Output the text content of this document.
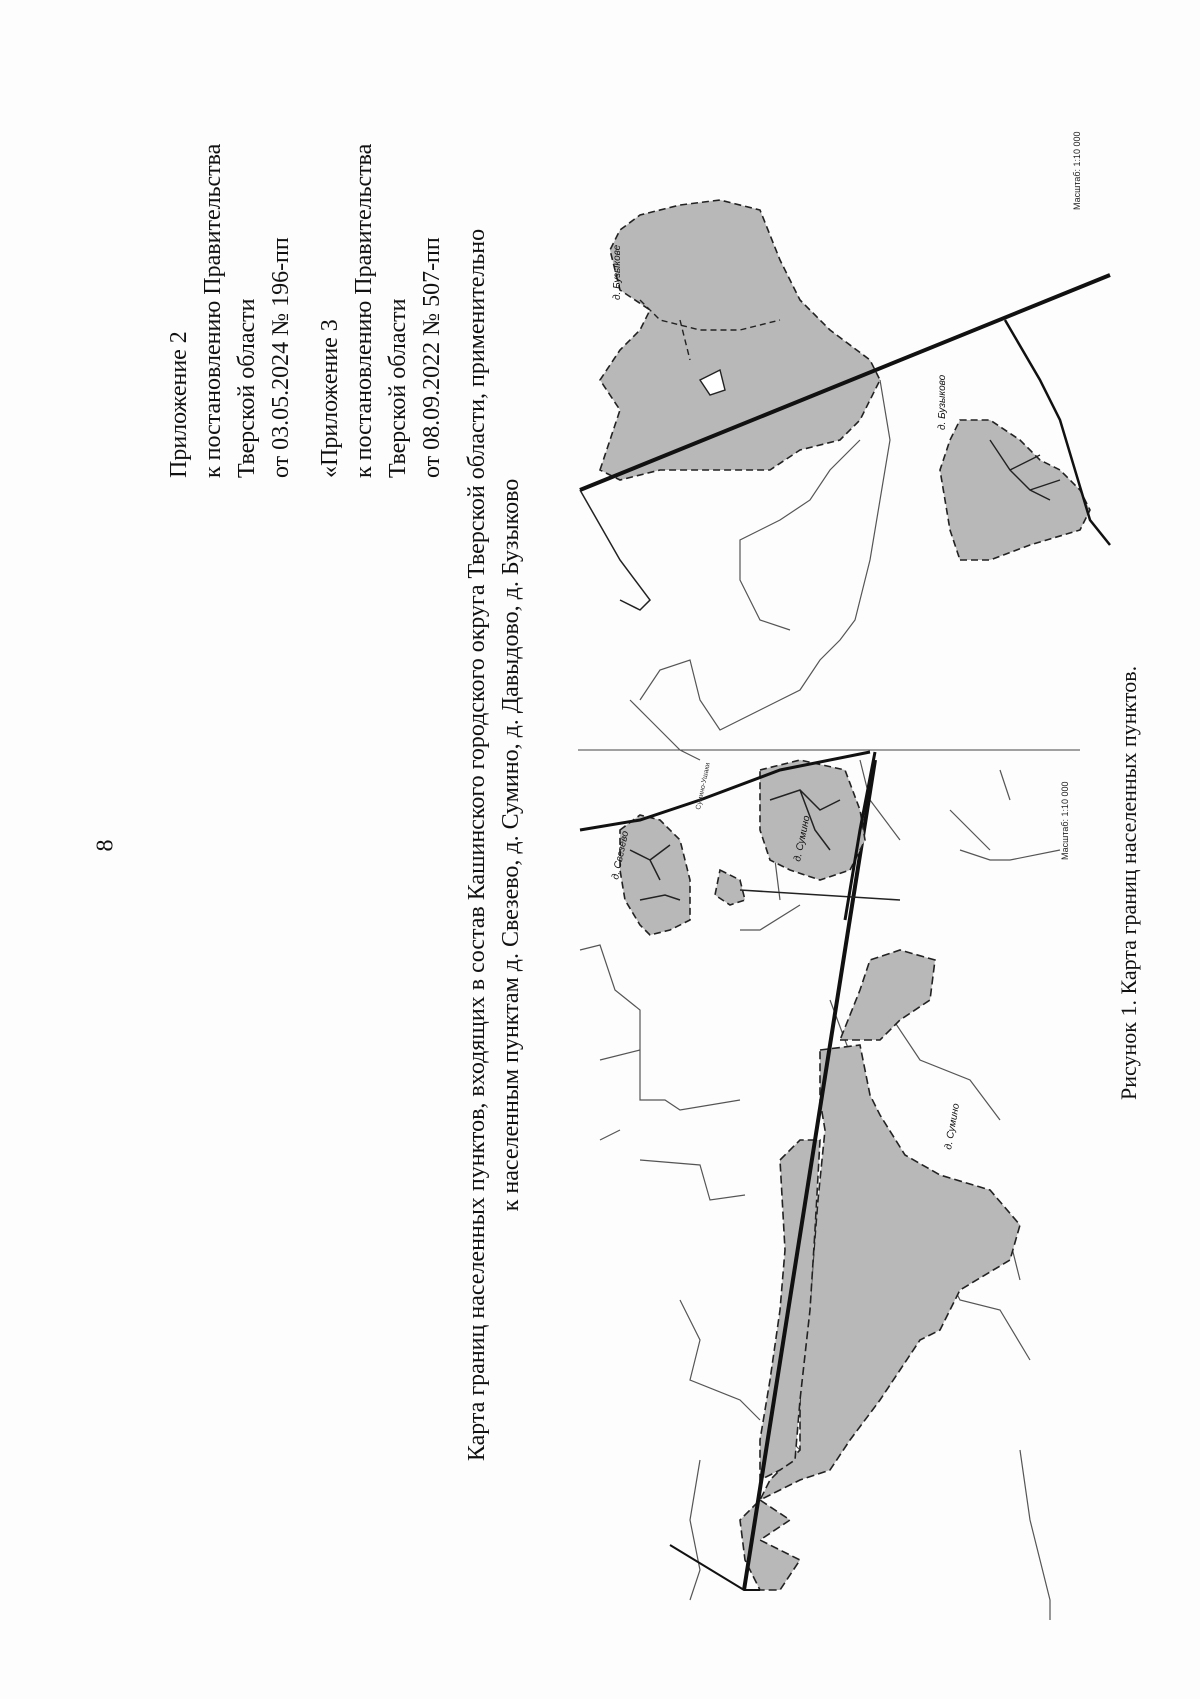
8
Приложение 2 к постановлению Правительства Тверской области от 03.05.2024 № 196-пп «Приложение 3 к постановлению Правительства Тверской области от 08.09.2022 № 507-пп Карта границ населенных пунктов, входящих в состав Кашинского городского округа Тверской области, применительно к населенным пунктам д. Свезево, д. Сумино, д. Давыдово, д. Бузыково	д. Сумино
Сумино-Ушаки
д. Свезево	д. Сумино
д. Бузыкове
д. Бузыково
Масштаб: 1:10 000
Масштаб: 1:10 000
Рисунок 1. Карта границ населенных пунктов.
